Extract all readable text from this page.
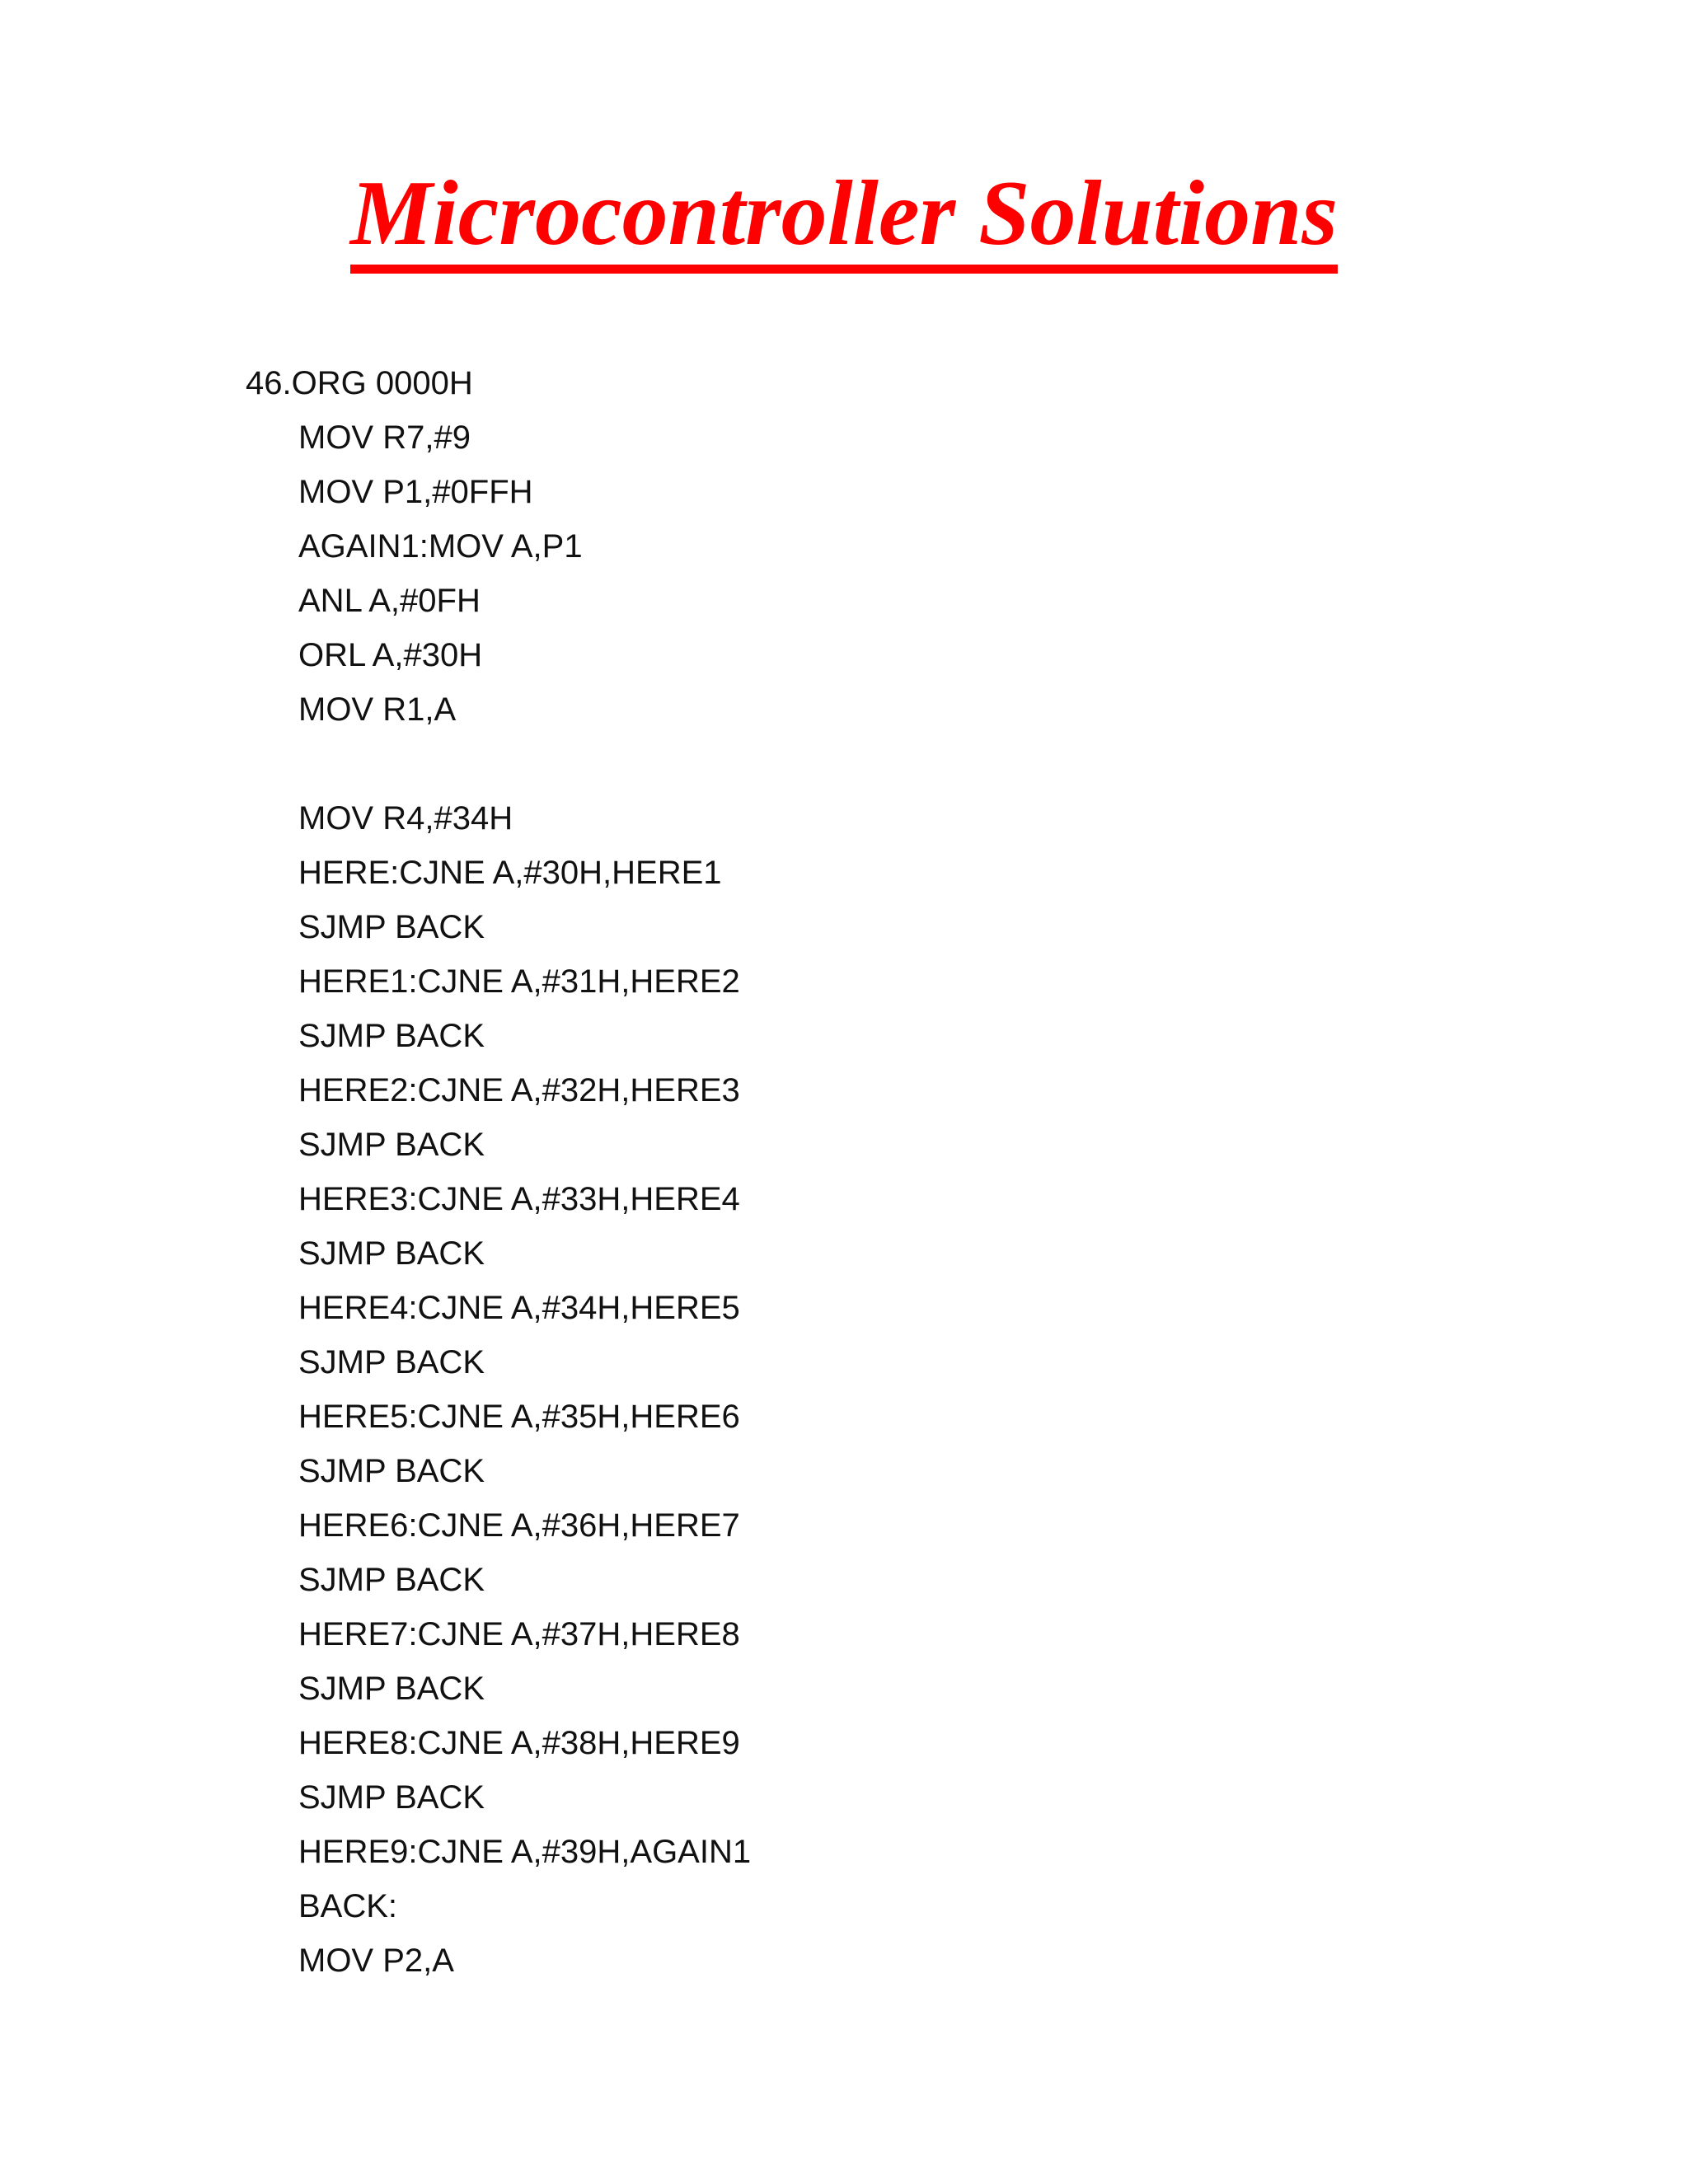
Microcontroller Solutions
46.ORG 0000H
MOV R7,#9
MOV P1,#0FFH
AGAIN1:MOV A,P1
ANL A,#0FH
ORL A,#30H
MOV R1,A
MOV R4,#34H
HERE:CJNE A,#30H,HERE1
SJMP BACK
HERE1:CJNE A,#31H,HERE2
SJMP BACK
HERE2:CJNE A,#32H,HERE3
SJMP BACK
HERE3:CJNE A,#33H,HERE4
SJMP BACK
HERE4:CJNE A,#34H,HERE5
SJMP BACK
HERE5:CJNE A,#35H,HERE6
SJMP BACK
HERE6:CJNE A,#36H,HERE7
SJMP BACK
HERE7:CJNE A,#37H,HERE8
SJMP BACK
HERE8:CJNE A,#38H,HERE9
SJMP BACK
HERE9:CJNE A,#39H,AGAIN1
BACK:
MOV P2,A
